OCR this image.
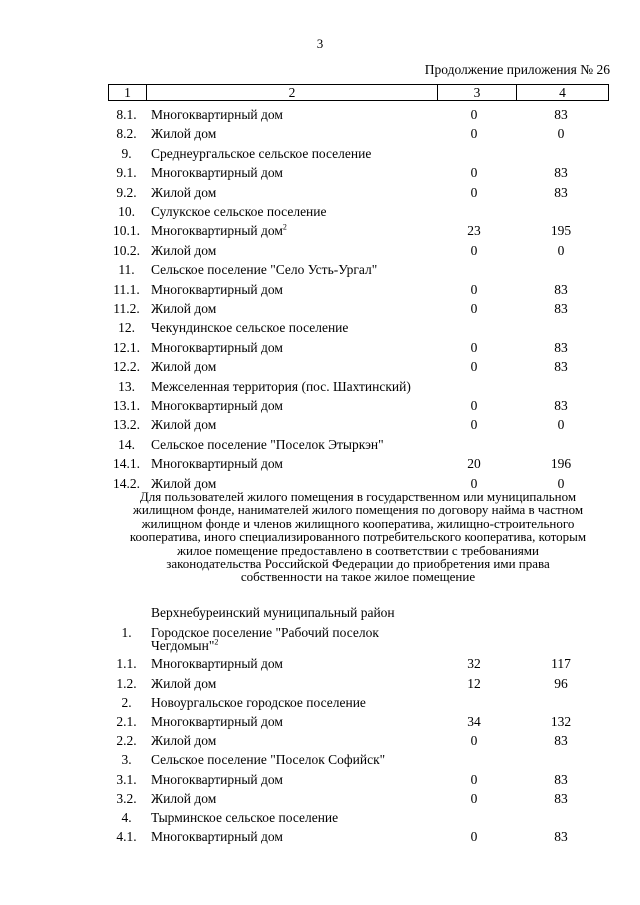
3
Продолжение приложения № 26
1	2	3	4
8.1.	Многоквартирный дом	0	83
8.2.	Жилой дом	0	0
9.	Среднеургальское сельское поселение
9.1.	Многоквартирный дом	0	83
9.2.	Жилой дом	0	83
10.	Сулукское сельское поселение
10.1. Многоквартирный дом$^2$	23	195
10.2. Жилой дом	0	0
11.	Сельское поселение "Село Усть-Ургал"
11.1. Многоквартирный дом	0	83
11.2. Жилой дом	0	83
12.	Чекундинское сельское поселение
12.1. Многоквартирный дом	0	83
12.2. Жилой дом	0	83
13.	Межселенная территория (пос. Шахтинский)
13.1. Многоквартирный дом	0	83
13.2. Жилой дом	0	0
14.	Сельское поселение "Поселок Этыркэн"
14.1. Многоквартирный дом	20	196
14.2. Жилой дом	0	0
1.	Городское поселение "Рабочий поселок
Чегдомын"$^2$
1.1.	Многоквартирный дом	32	117
1.2.	Жилой дом	12	96
2.	Новоургальское городское поселение
2.1.	Многоквартирный дом	34	132
2.2.	Жилой дом	0	83
3.	Сельское поселение "Поселок Софийск"
3.1.	Многоквартирный дом	0	83
3.2.	Жилой дом	0	83
4.	Тырминское сельское поселение
4.1.	Многоквартирный дом	0	83
Для пользователей жилого помещения в государственном или муниципальном жилищном фонде, нанимателей жилого помещения по договору найма в частном жилищном фонде и членов жилищного кооператива, жилищно-строительного кооператива, иного специализированного потребительского кооператива, которым жилое помещение предоставлено в соответствии с требованиями законодательства Российской Федерации до приобретения ими права собственности на такое жилое помещение
Верхнебуреинский муниципальный район
